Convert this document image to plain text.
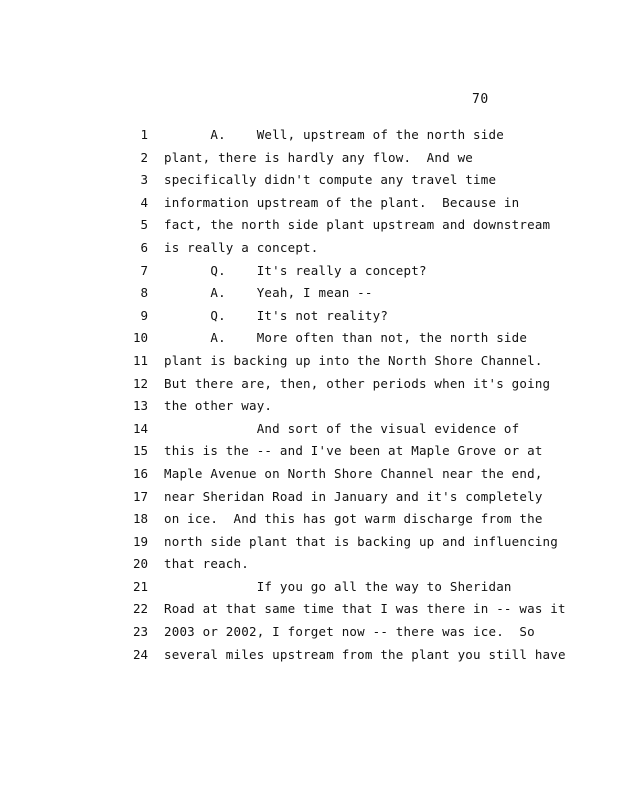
70
1 A.    Well, upstream of the north side
2 plant, there is hardly any flow.  And we
3 specifically didn't compute any travel time
4 information upstream of the plant.  Because in
5 fact, the north side plant upstream and downstream
6 is really a concept.
7 Q.    It's really a concept?
8 A.    Yeah, I mean --
9 Q.    It's not reality?
10 A.    More often than not, the north side
11 plant is backing up into the North Shore Channel.
12 But there are, then, other periods when it's going
13 the other way.
14 And sort of the visual evidence of
15 this is the -- and I've been at Maple Grove or at
16 Maple Avenue on North Shore Channel near the end,
17 near Sheridan Road in January and it's completely
18 on ice.  And this has got warm discharge from the
19 north side plant that is backing up and influencing
20 that reach.
21 If you go all the way to Sheridan
22 Road at that same time that I was there in -- was it
23 2003 or 2002, I forget now -- there was ice.  So
24 several miles upstream from the plant you still have
